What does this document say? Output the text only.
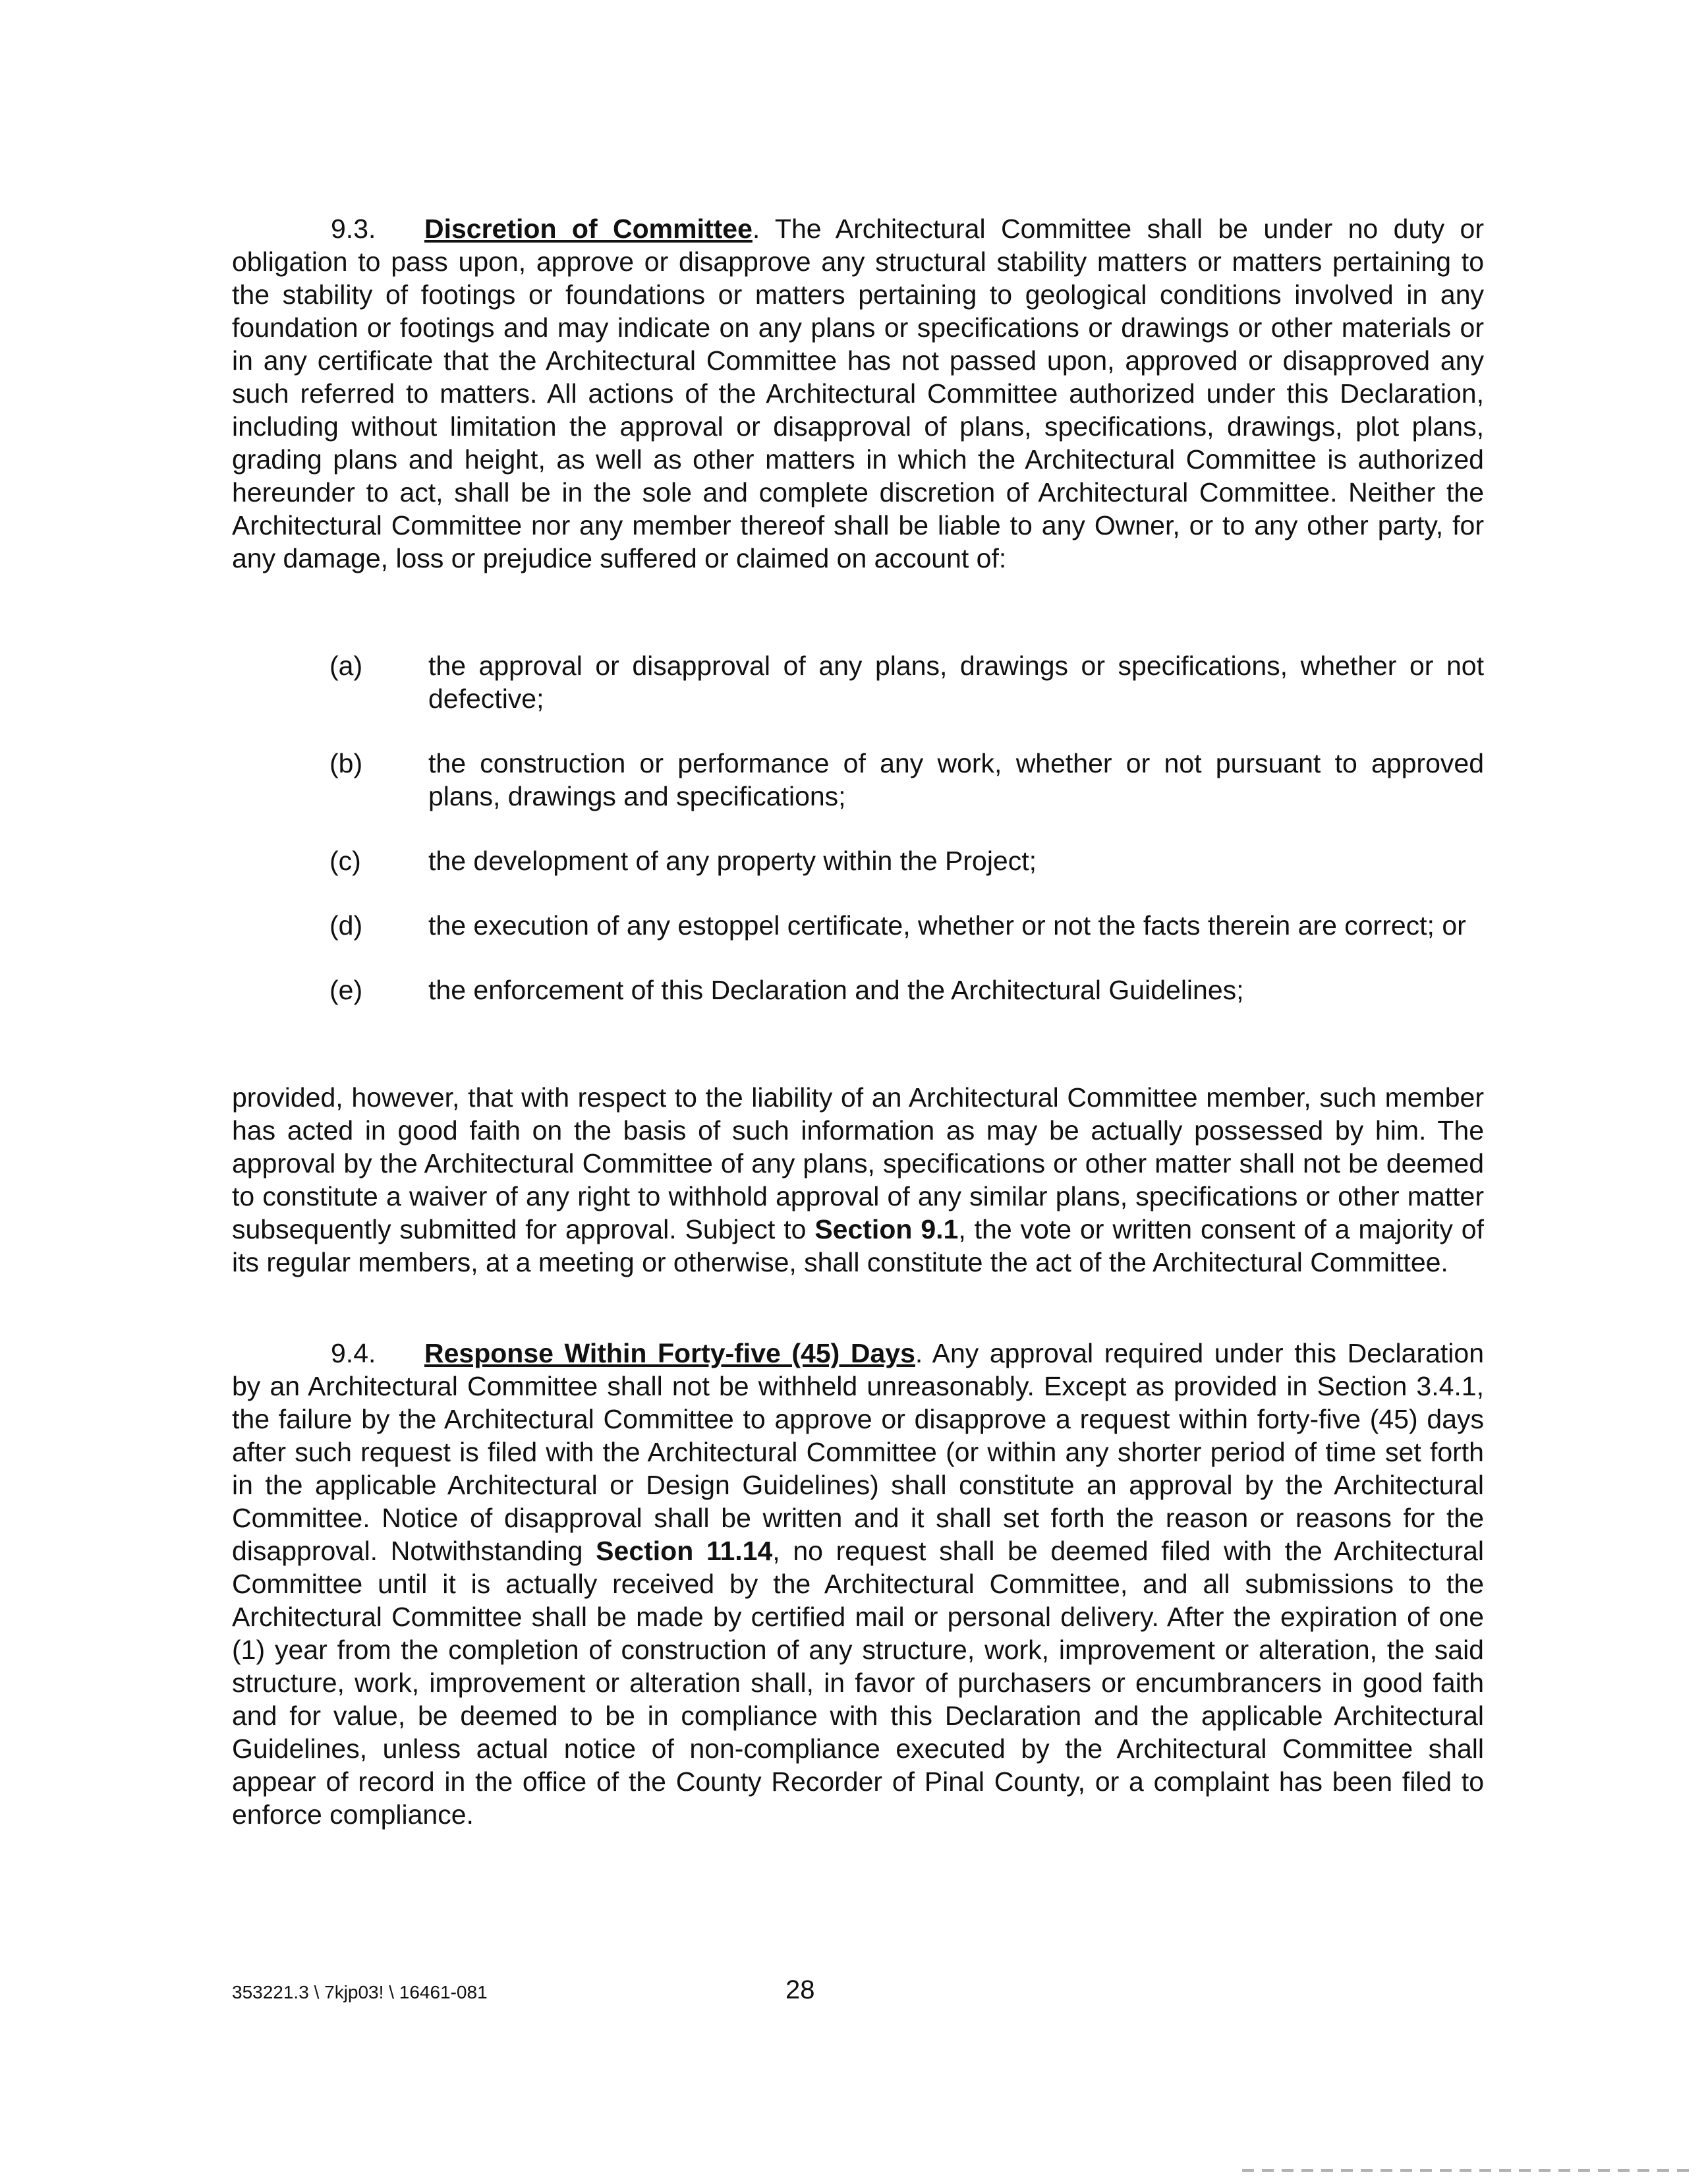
9.3. Discretion of Committee. The Architectural Committee shall be under no duty or obligation to pass upon, approve or disapprove any structural stability matters or matters pertaining to the stability of footings or foundations or matters pertaining to geological conditions involved in any foundation or footings and may indicate on any plans or specifications or drawings or other materials or in any certificate that the Architectural Committee has not passed upon, approved or disapproved any such referred to matters. All actions of the Architectural Committee authorized under this Declaration, including without limitation the approval or disapproval of plans, specifications, drawings, plot plans, grading plans and height, as well as other matters in which the Architectural Committee is authorized hereunder to act, shall be in the sole and complete discretion of Architectural Committee. Neither the Architectural Committee nor any member thereof shall be liable to any Owner, or to any other party, for any damage, loss or prejudice suffered or claimed on account of:

(a) the approval or disapproval of any plans, drawings or specifications, whether or not defective;
(b) the construction or performance of any work, whether or not pursuant to approved plans, drawings and specifications;
(c) the development of any property within the Project;
(d) the execution of any estoppel certificate, whether or not the facts therein are correct; or
(e) the enforcement of this Declaration and the Architectural Guidelines;

provided, however, that with respect to the liability of an Architectural Committee member, such member has acted in good faith on the basis of such information as may be actually possessed by him. The approval by the Architectural Committee of any plans, specifications or other matter shall not be deemed to constitute a waiver of any right to withhold approval of any similar plans, specifications or other matter subsequently submitted for approval. Subject to Section 9.1, the vote or written consent of a majority of its regular members, at a meeting or otherwise, shall constitute the act of the Architectural Committee.

9.4. Response Within Forty-five (45) Days. Any approval required under this Declaration by an Architectural Committee shall not be withheld unreasonably. Except as provided in Section 3.4.1, the failure by the Architectural Committee to approve or disapprove a request within forty-five (45) days after such request is filed with the Architectural Committee (or within any shorter period of time set forth in the applicable Architectural or Design Guidelines) shall constitute an approval by the Architectural Committee. Notice of disapproval shall be written and it shall set forth the reason or reasons for the disapproval. Notwithstanding Section 11.14, no request shall be deemed filed with the Architectural Committee until it is actually received by the Architectural Committee, and all submissions to the Architectural Committee shall be made by certified mail or personal delivery. After the expiration of one (1) year from the completion of construction of any structure, work, improvement or alteration, the said structure, work, improvement or alteration shall, in favor of purchasers or encumbrancers in good faith and for value, be deemed to be in compliance with this Declaration and the applicable Architectural Guidelines, unless actual notice of non-compliance executed by the Architectural Committee shall appear of record in the office of the County Recorder of Pinal County, or a complaint has been filed to enforce compliance.

353221.3 \ 7kjp03! \ 16461-081	28
